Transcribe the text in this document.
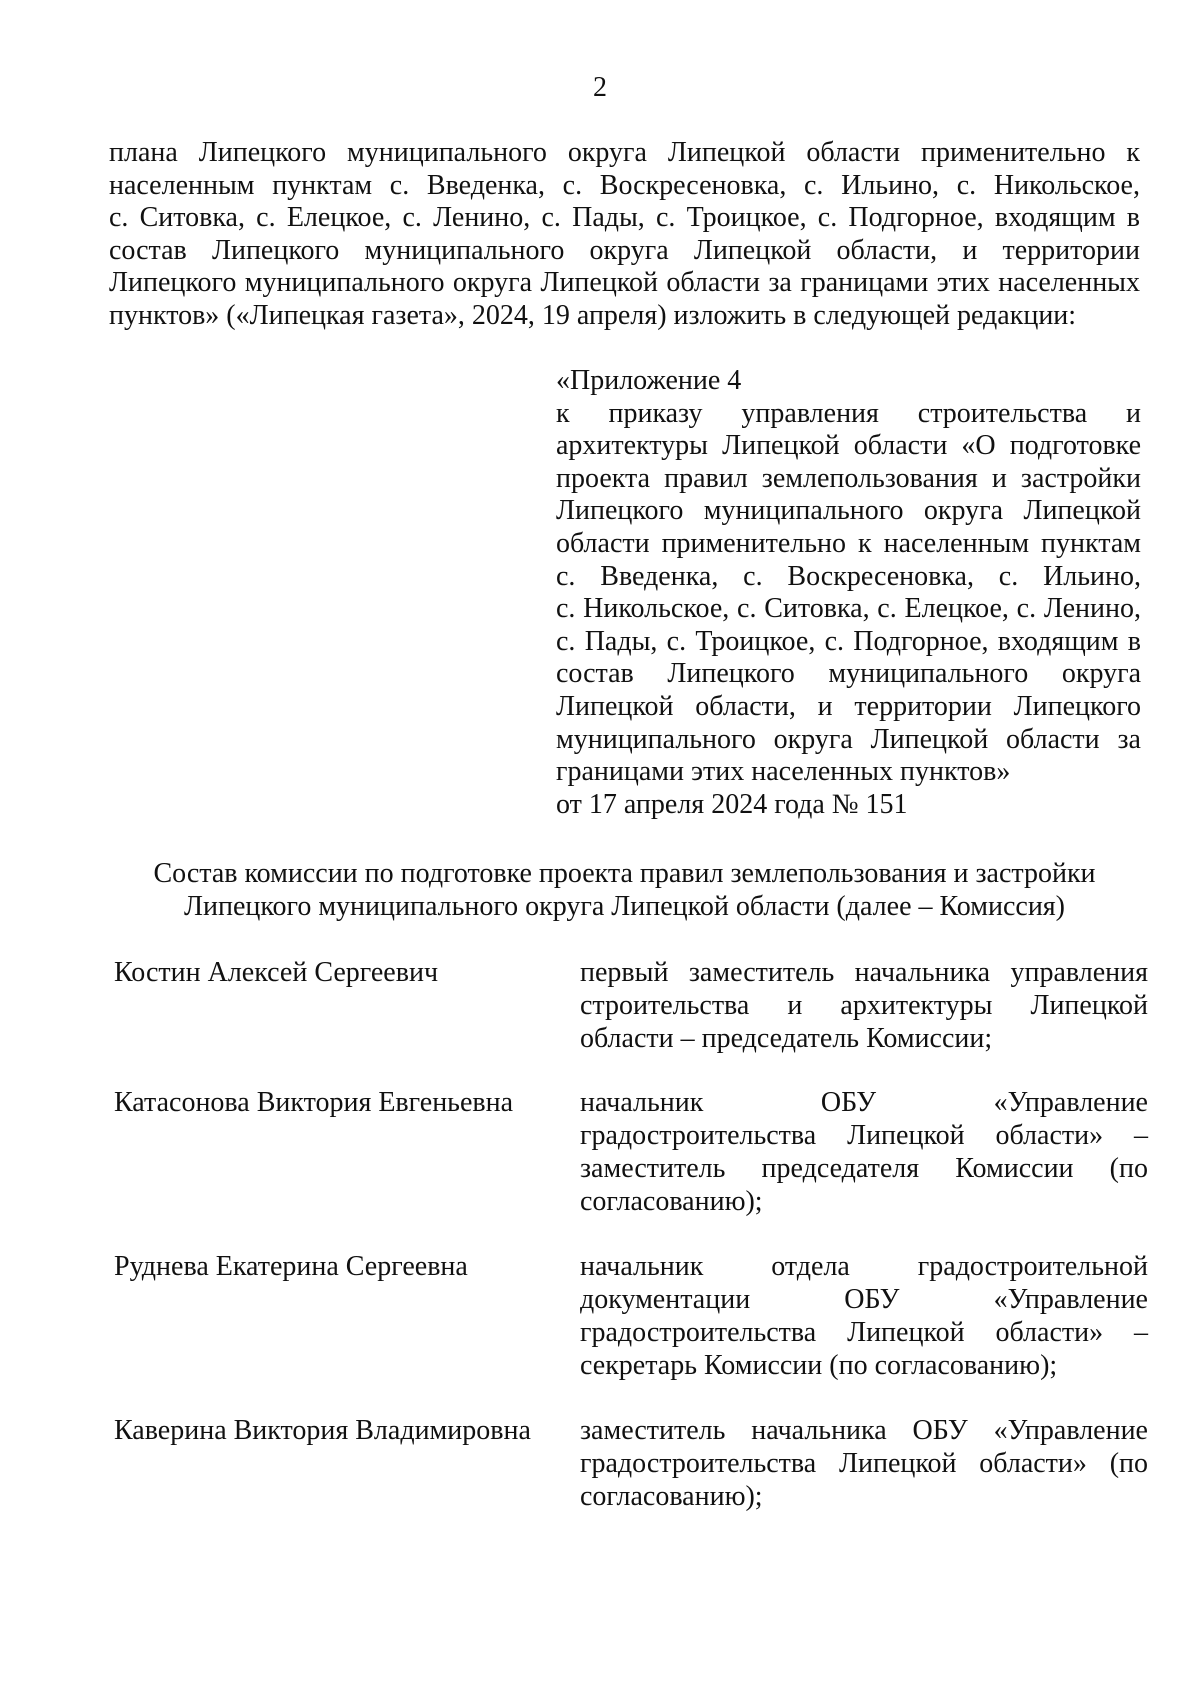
2
плана Липецкого муниципального округа Липецкой области применительно к
населенным пунктам с. Введенка, с. Воскресеновка, с. Ильино, с. Никольское,
с. Ситовка, с. Елецкое, с. Ленино, с. Пады, с. Троицкое, с. Подгорное, входящим в
состав Липецкого муниципального округа Липецкой области, и территории
Липецкого муниципального округа Липецкой области за границами этих населенных
пунктов» («Липецкая газета», 2024, 19 апреля) изложить в следующей редакции:
«Приложение 4
к приказу управления строительства и
архитектуры Липецкой области «О подготовке
проекта правил землепользования и застройки
Липецкого муниципального округа Липецкой
области применительно к населенным пунктам
с. Введенка, с. Воскресеновка, с. Ильино,
с. Никольское, с. Ситовка, с. Елецкое, с. Ленино,
с. Пады, с. Троицкое, с. Подгорное, входящим в
состав Липецкого муниципального округа
Липецкой области, и территории Липецкого
муниципального округа Липецкой области за
границами этих населенных пунктов»
от 17 апреля 2024 года № 151
Состав комиссии по подготовке проекта правил землепользования и застройки
Липецкого муниципального округа Липецкой области (далее – Комиссия)
Костин Алексей Сергеевич	первый заместитель начальника управления
строительства и архитектуры Липецкой
области – председатель Комиссии;
Катасонова Виктория Евгеньевна	начальник ОБУ «Управление
градостроительства Липецкой области» –
заместитель председателя Комиссии (по
согласованию);
Руднева Екатерина Сергеевна	начальник отдела градостроительной
документации ОБУ «Управление
градостроительства Липецкой области» –
секретарь Комиссии (по согласованию);
Каверина Виктория Владимировна	заместитель начальника ОБУ «Управление
градостроительства Липецкой области» (по
согласованию);
